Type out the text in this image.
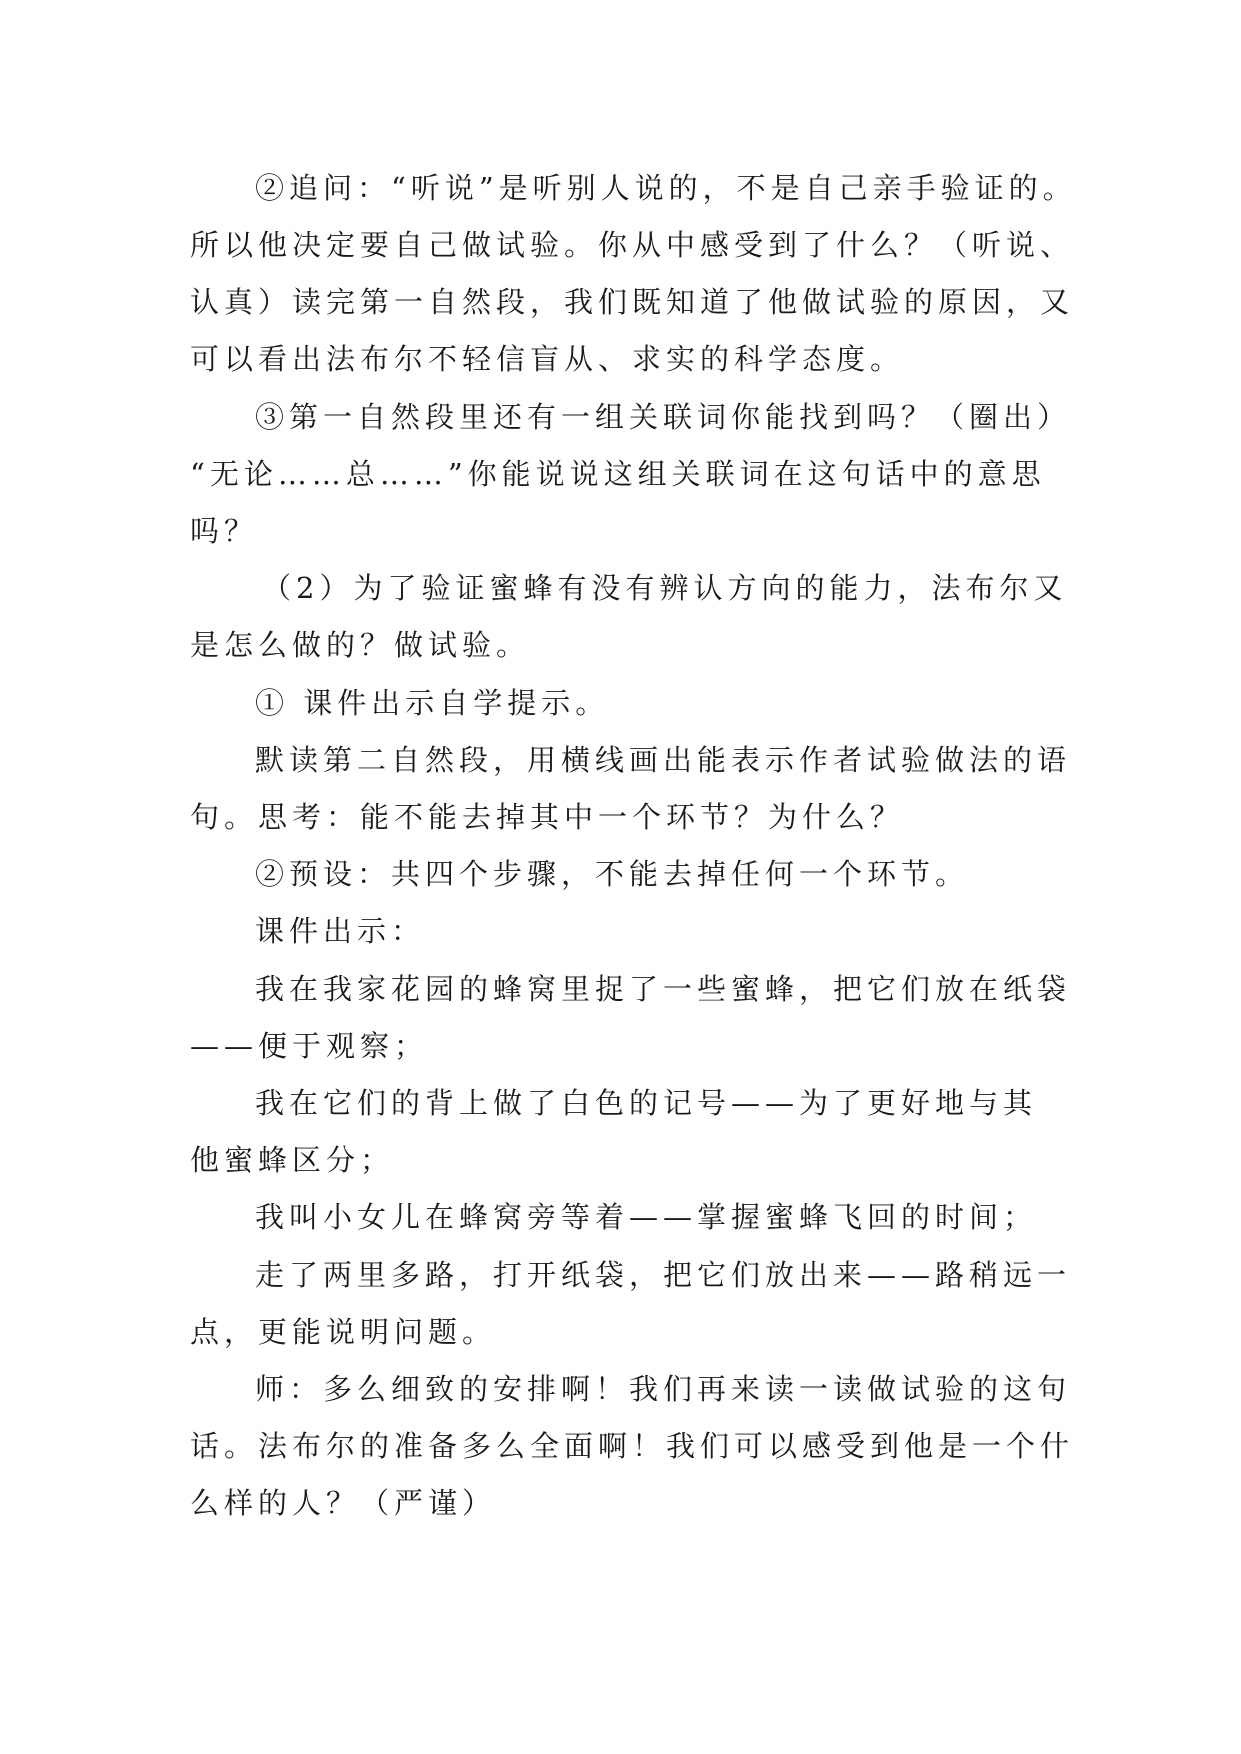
②追问：“听说”是听别人说的，不是自己亲手验证的。
所以他决定要自己做试验。你从中感受到了什么？（听说、
认真）读完第一自然段，我们既知道了他做试验的原因，又
可以看出法布尔不轻信盲从、求实的科学态度。
③第一自然段里还有一组关联词你能找到吗？（圈出）
“无论……总……”你能说说这组关联词在这句话中的意思
吗？
（2）为了验证蜜蜂有没有辨认方向的能力，法布尔又
是怎么做的？做试验。
① 课件出示自学提示。
默读第二自然段，用横线画出能表示作者试验做法的语
句。思考：能不能去掉其中一个环节？为什么？
②预设：共四个步骤，不能去掉任何一个环节。
课件出示：
我在我家花园的蜂窝里捉了一些蜜蜂，把它们放在纸袋
——便于观察；
我在它们的背上做了白色的记号——为了更好地与其
他蜜蜂区分；
我叫小女儿在蜂窝旁等着——掌握蜜蜂飞回的时间；
走了两里多路，打开纸袋，把它们放出来——路稍远一
点，更能说明问题。
师：多么细致的安排啊！我们再来读一读做试验的这句
话。法布尔的准备多么全面啊！我们可以感受到他是一个什
么样的人？（严谨）
